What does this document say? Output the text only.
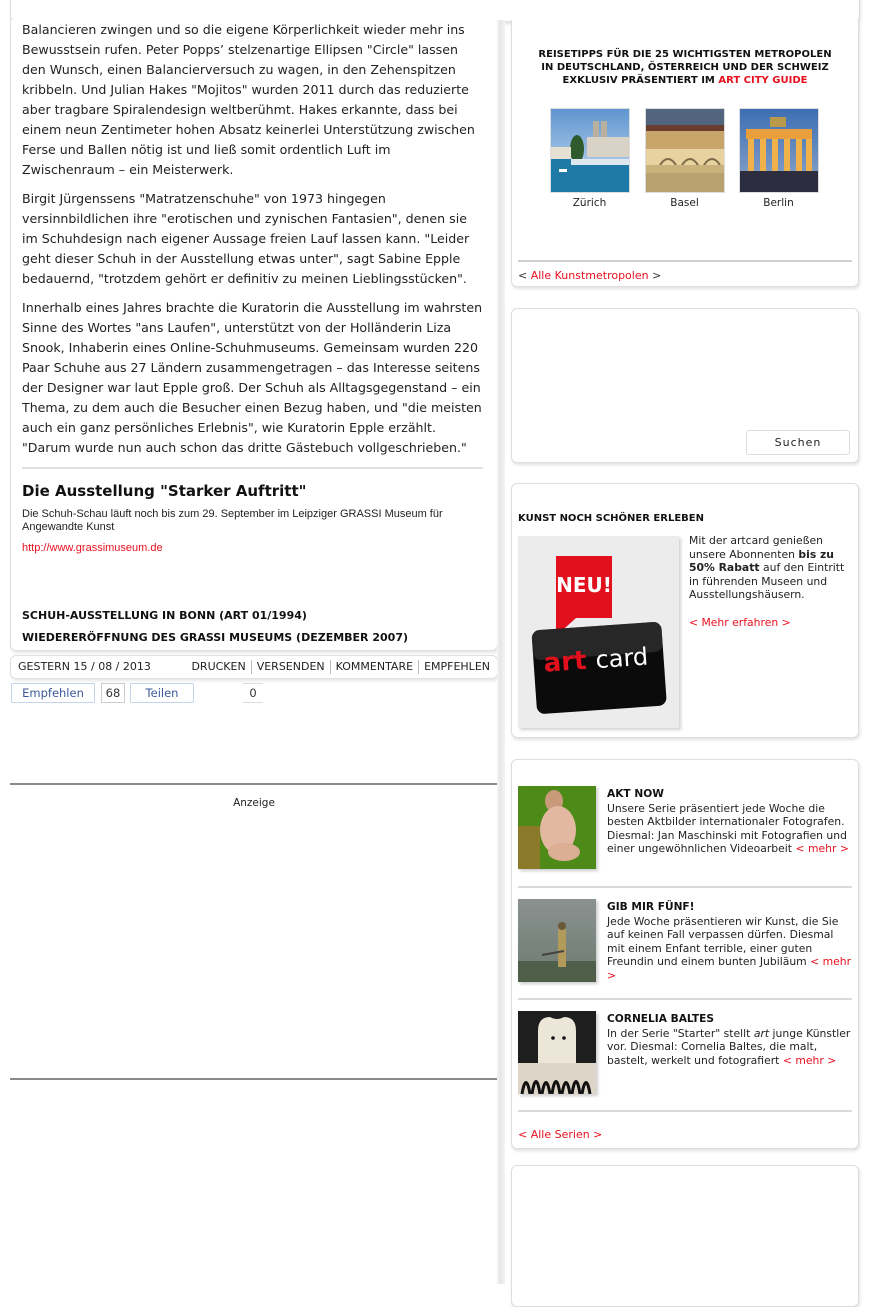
Balancieren zwingen und so die eigene Körperlichkeit wieder mehr ins Bewusstsein rufen. Peter Popps’ stelzenartige Ellipsen "Circle" lassen den Wunsch, einen Balancierversuch zu wagen, in den Zehenspitzen kribbeln. Und Julian Hakes "Mojitos" wurden 2011 durch das reduzierte aber tragbare Spiralendesign weltberühmt. Hakes erkannte, dass bei einem neun Zentimeter hohen Absatz keinerlei Unterstützung zwischen Ferse und Ballen nötig ist und ließ somit ordentlich Luft im Zwischenraum – ein Meisterwerk.

Birgit Jürgenssens "Matratzenschuhe" von 1973 hingegen versinnbildlichen ihre "erotischen und zynischen Fantasien", denen sie im Schuhdesign nach eigener Aussage freien Lauf lassen kann. "Leider geht dieser Schuh in der Ausstellung etwas unter", sagt Sabine Epple bedauernd, "trotzdem gehört er definitiv zu meinen Lieblingsstücken".

Innerhalb eines Jahres brachte die Kuratorin die Ausstellung im wahrsten Sinne des Wortes "ans Laufen", unterstützt von der Holländerin Liza Snook, Inhaberin eines Online-Schuhmuseums. Gemeinsam wurden 220 Paar Schuhe aus 27 Ländern zusammengetragen – das Interesse seitens der Designer war laut Epple groß. Der Schuh als Alltagsgegenstand – ein Thema, zu dem auch die Besucher einen Bezug haben, und "die meisten auch ein ganz persönliches Erlebnis", wie Kuratorin Epple erzählt. "Darum wurde nun auch schon das dritte Gästebuch vollgeschrieben."

Die Ausstellung "Starker Auftritt"
Die Schuh-Schau läuft noch bis zum 29. September im Leipziger GRASSI Museum für Angewandte Kunst
http://www.grassimuseum.de
SCHUH-AUSSTELLUNG IN BONN (ART 01/1994)
WIEDERERÖFFNUNG DES GRASSI MUSEUMS (DEZEMBER 2007)
GESTERN 15 / 08 / 2013	DRUCKEN VERSENDEN KOMMENTARE EMPFEHLEN
Empfehlen	68	Teilen	0
Anzeige
REISETIPPS FÜR DIE 25 WICHTIGSTEN METROPOLEN
IN DEUTSCHLAND, ÖSTERREICH UND DER SCHWEIZ
EXKLUSIV PRÄSENTIERT IM ART CITY GUIDE
Zürich	Basel	Berlin
< Alle Kunstmetropolen >
Suchen
KUNST NOCH SCHÖNER ERLEBEN
NEU!
art card
Mit der artcard genießen unsere Abonnenten bis zu 50% Rabatt auf den Eintritt in führenden Museen und Ausstellungshäusern.
< Mehr erfahren >
AKT NOW
Unsere Serie präsentiert jede Woche die besten Aktbilder internationaler Fotografen. Diesmal: Jan Maschinski mit Fotografien und einer ungewöhnlichen Videoarbeit < mehr >
GIB MIR FÜNF!
Jede Woche präsentieren wir Kunst, die Sie auf keinen Fall verpassen dürfen. Diesmal mit einem Enfant terrible, einer guten Freundin und einem bunten Jubiläum < mehr >
CORNELIA BALTES
In der Serie "Starter" stellt art junge Künstler vor. Diesmal: Cornelia Baltes, die malt, bastelt, werkelt und fotografiert < mehr >
< Alle Serien >
